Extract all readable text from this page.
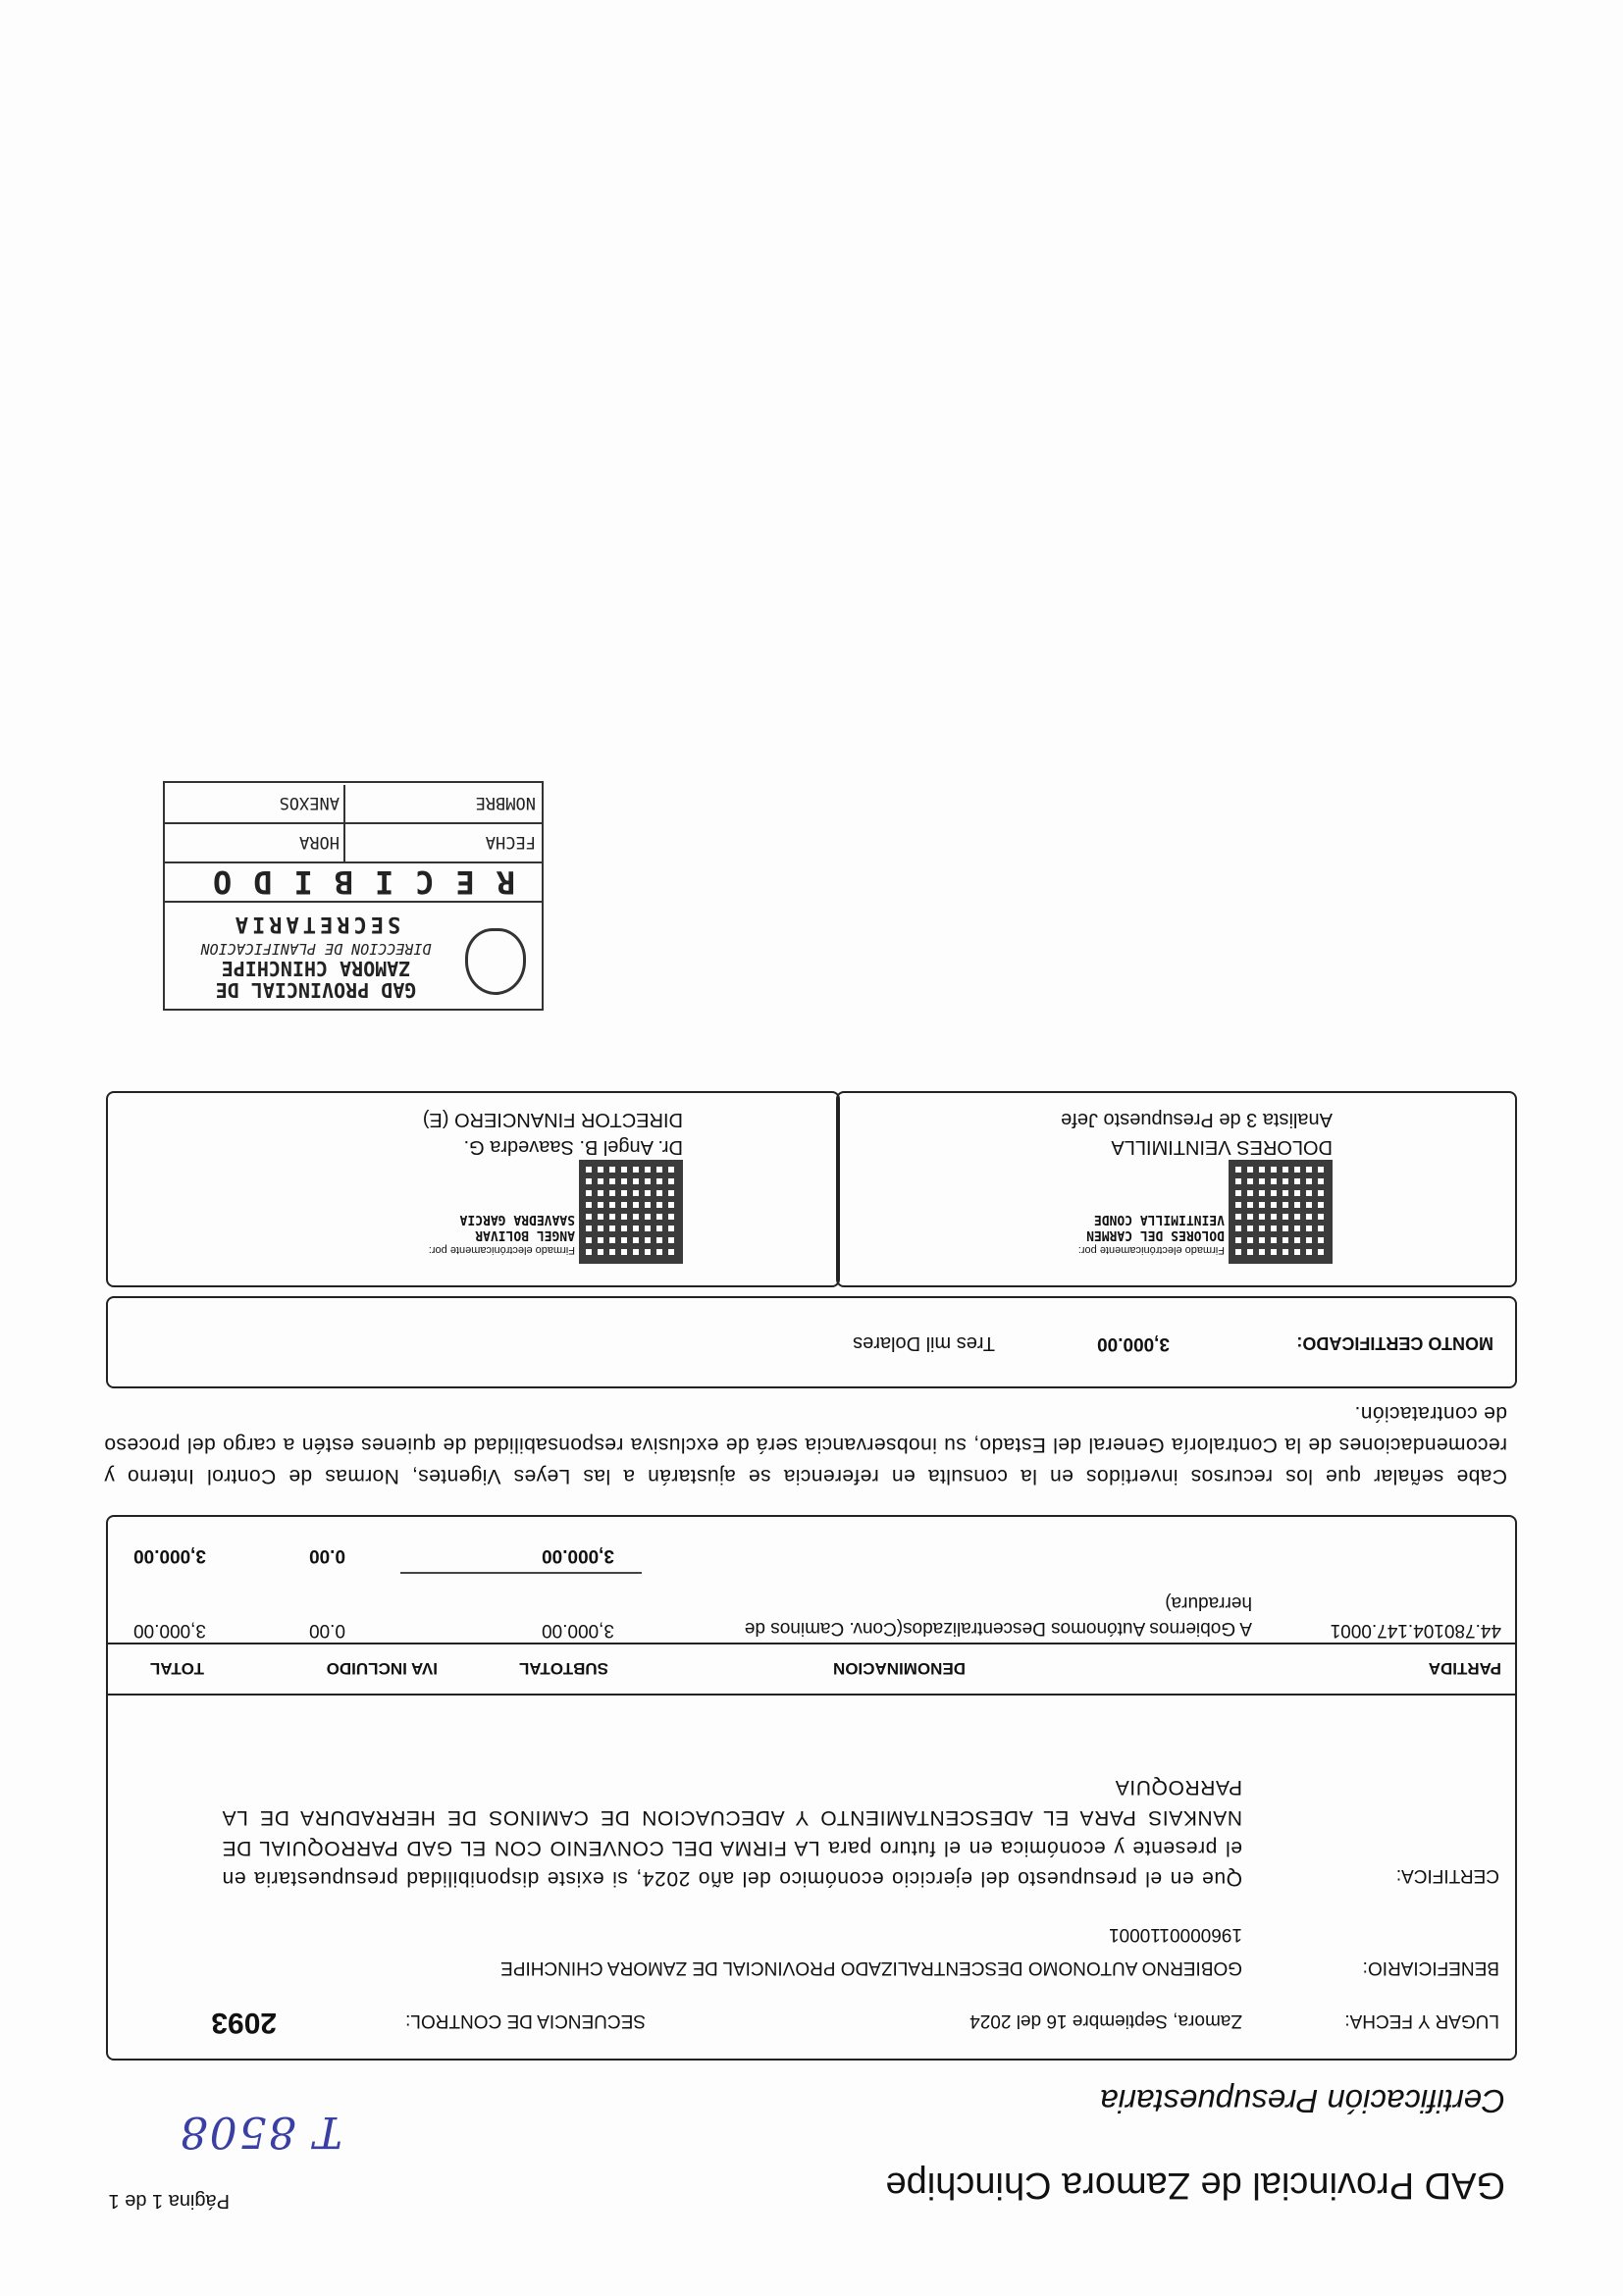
GAD Provincial de Zamora Chinchipe
Página 1 de 1
T 8508
Certificación Presupuestaria
LUGAR Y FECHA:
Zamora, Septiembre 16 del 2024
SECUENCIA DE CONTROL:
2093
BENEFICIARIO:
GOBIERNO AUTONOMO DESCENTRALIZADO PROVINCIAL DE ZAMORA CHINCHIPE
1960000110001
CERTIFICA:
Que en el presupuesto del ejercicio económico del año 2024, si existe disponibilidad presupuestaria en el presente y económica en el futuro para LA FIRMA DEL CONVENIO CON EL GAD PARROQUIAL DE NANKAIS PARA EL ADESCENTAMIENTO Y ADECUACION DE CAMINOS DE HERRADURA DE LA PARROQUIA
PARTIDA
DENOMINACION
SUBTOTAL
IVA INCLUIDO
TOTAL
44.780104.147.0001
A Gobiernos Autónomos Descentralizados(Conv. Caminos de herradura)
3,000.00
0.00
3,000.00
3,000.00
0.00
3,000.00
Cabe señalar que los recursos invertidos en la consulta en referencia se ajustarán a las Leyes Vigentes, Normas de Control Interno y recomendaciones de la Contraloría General del Estado, su inobservancia será de exclusiva responsabilidad de quienes estén a cargo del proceso de contratación.
MONTO CERTIFICADO:
3,000.00
Tres mil Dolares
Firmado electrónicamente por:
DOLORES DEL CARMEN
VEINTIMILLA CONDE
DOLORES VEINTIMILLA
Analista 3 de Presupuesto Jefe
Firmado electrónicamente por:
ANGEL BOLIVAR
SAAVEDRA GARCIA
Dr. Angel B. Saavedra G.
DIRECTOR FINANCIERO (E)
GAD PROVINCIAL DE
ZAMORA CHINCHIPE
DIRECCION DE PLANIFICACION
SECRETARIA
RECIBIDO
FECHA
HORA
NOMBRE
ANEXOS
